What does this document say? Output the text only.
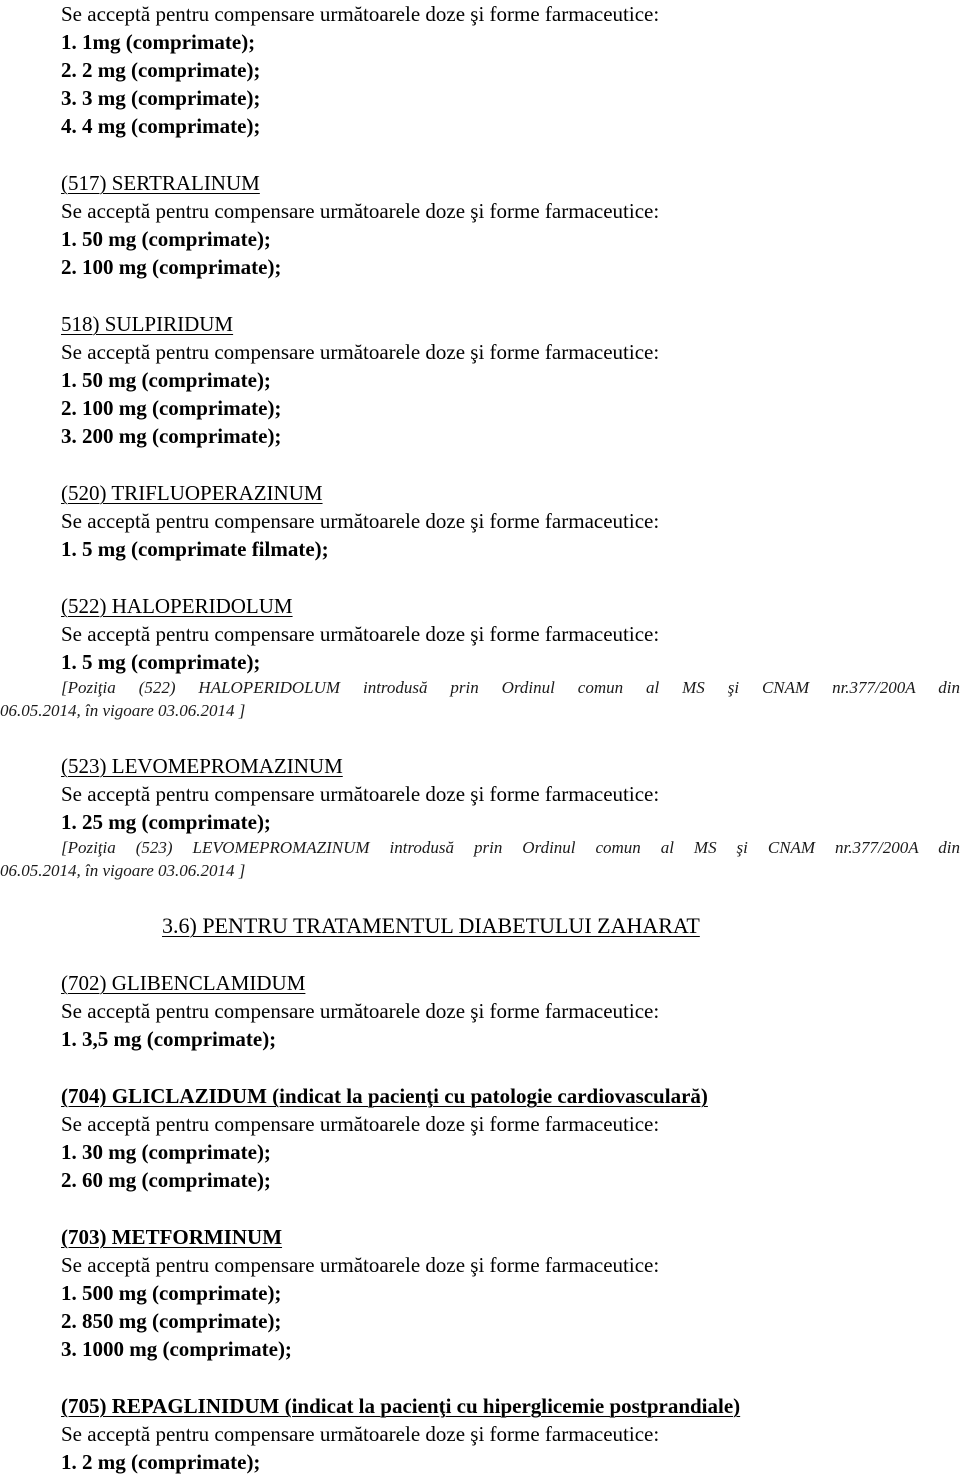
Se acceptă pentru compensare următoarele doze şi forme farmaceutice:
1. 1mg (comprimate);
2. 2 mg (comprimate);
3. 3 mg (comprimate);
4. 4 mg (comprimate);
(517) SERTRALINUM
Se acceptă pentru compensare următoarele doze şi forme farmaceutice:
1. 50 mg (comprimate);
2. 100 mg (comprimate);
518) SULPIRIDUM
Se acceptă pentru compensare următoarele doze şi forme farmaceutice:
1. 50 mg (comprimate);
2. 100 mg (comprimate);
3. 200 mg (comprimate);
(520) TRIFLUOPERAZINUM
Se acceptă pentru compensare următoarele doze şi forme farmaceutice:
1. 5 mg (comprimate filmate);
(522) HALOPERIDOLUM
Se acceptă pentru compensare următoarele doze şi forme farmaceutice:
1. 5 mg (comprimate);
[Poziţia (522) HALOPERIDOLUM introdusă prin Ordinul comun al MS şi CNAM nr.377/200A din
06.05.2014, în vigoare 03.06.2014 ]
(523) LEVOMEPROMAZINUM
Se acceptă pentru compensare următoarele doze şi forme farmaceutice:
1. 25 mg (comprimate);
[Poziţia (523) LEVOMEPROMAZINUM introdusă prin Ordinul comun al MS şi CNAM nr.377/200A din
06.05.2014, în vigoare 03.06.2014 ]
3.6) PENTRU TRATAMENTUL DIABETULUI ZAHARAT
(702) GLIBENCLAMIDUM
Se acceptă pentru compensare următoarele doze şi forme farmaceutice:
1. 3,5 mg (comprimate);
(704) GLICLAZIDUM (indicat la pacienţi cu patologie cardiovasculară)
Se acceptă pentru compensare următoarele doze şi forme farmaceutice:
1. 30 mg (comprimate);
2. 60 mg (comprimate);
(703) METFORMINUM
Se acceptă pentru compensare următoarele doze şi forme farmaceutice:
1. 500 mg (comprimate);
2. 850 mg (comprimate);
3. 1000 mg (comprimate);
(705) REPAGLINIDUM (indicat la pacienţi cu hiperglicemie postprandiale)
Se acceptă pentru compensare următoarele doze şi forme farmaceutice:
1. 2 mg (comprimate);
